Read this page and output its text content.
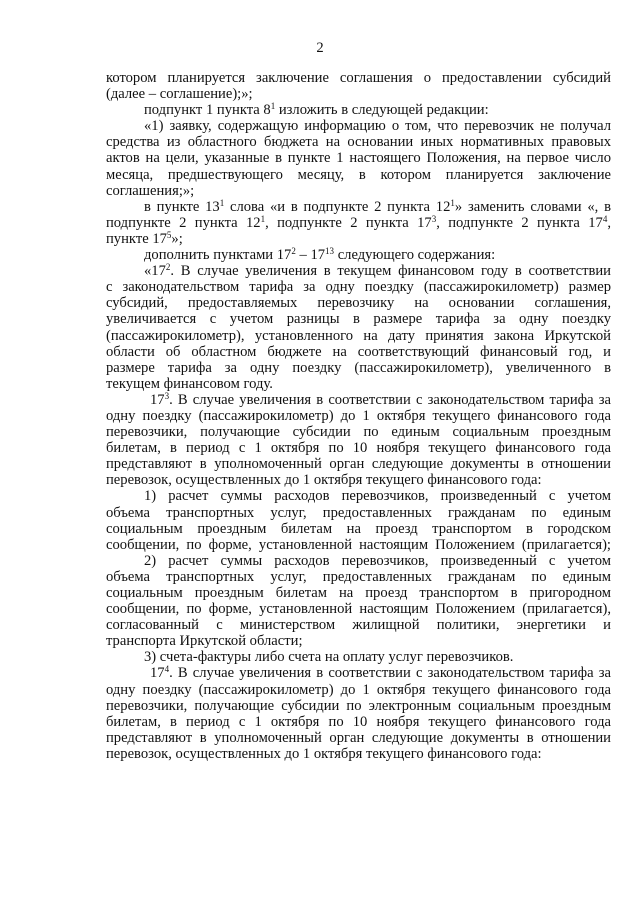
2
котором планируется заключение соглашения о предоставлении субсидий
(далее – соглашение);»;
подпункт 1 пункта $8^1$ изложить в следующей редакции:
«1) заявку, содержащую информацию о том, что перевозчик не получал
средства из областного бюджета на основании иных нормативных правовых
актов на цели, указанные в пункте 1 настоящего Положения, на первое число
месяца, предшествующего месяцу, в котором планируется заключение
соглашения;»;
в пункте $13^1$ слова «и в подпункте 2 пункта $12^1$» заменить словами «, в
подпункте 2 пункта $12^1$, подпункте 2 пункта $17^3$, подпункте 2 пункта $17^4$,
пункте $17^5$»;
дополнить пунктами $17^2 - 17^{13}$ следующего содержания:
«$17^2$. В случае увеличения в текущем финансовом году в соответствии
с законодательством тарифа за одну поездку (пассажирокилометр) размер
субсидий, предоставляемых перевозчику на основании соглашения,
увеличивается с учетом разницы в размере тарифа за одну поездку
(пассажирокилометр), установленного на дату принятия закона Иркутской
области об областном бюджете на соответствующий финансовый год, и
размере тарифа за одну поездку (пассажирокилометр), увеличенного в
текущем финансовом году.
$17^3$. В случае увеличения в соответствии с законодательством тарифа за
одну поездку (пассажирокилометр) до 1 октября текущего финансового года
перевозчики, получающие субсидии по единым социальным проездным
билетам, в период с 1 октября по 10 ноября текущего финансового года
представляют в уполномоченный орган следующие документы в отношении
перевозок, осуществленных до 1 октября текущего финансового года:
1) расчет суммы расходов перевозчиков, произведенный с учетом
объема транспортных услуг, предоставленных гражданам по единым
социальным проездным билетам на проезд транспортом в городском
сообщении, по форме, установленной настоящим Положением (прилагается);
2) расчет суммы расходов перевозчиков, произведенный с учетом
объема транспортных услуг, предоставленных гражданам по единым
социальным проездным билетам на проезд транспортом в пригородном
сообщении, по форме, установленной настоящим Положением (прилагается),
согласованный с министерством жилищной политики, энергетики и
транспорта Иркутской области;
3) счета-фактуры либо счета на оплату услуг перевозчиков.
$17^4$. В случае увеличения в соответствии с законодательством тарифа за
одну поездку (пассажирокилометр) до 1 октября текущего финансового года
перевозчики, получающие субсидии по электронным социальным проездным
билетам, в период с 1 октября по 10 ноября текущего финансового года
представляют в уполномоченный орган следующие документы в отношении
перевозок, осуществленных до 1 октября текущего финансового года:
